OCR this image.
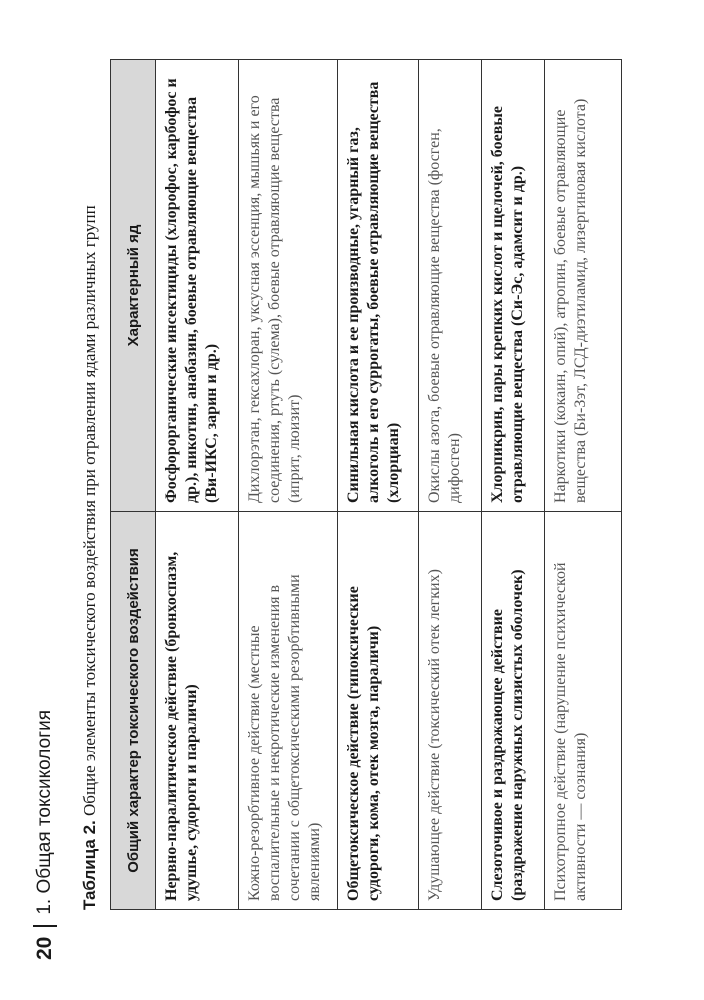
20
1. Общая токсикология Таблица 2. Общие элементы токсического воздействия при отравлении ядами различных групп Общий характер токсического воздействия	Характерный яд
Нервно-паралитическое действие (бронхоспазм, удушье, судороги и параличи)	Фосфорорганические инсектициды (хлорофос, карбофос и др.), никотин, анабазин, боевые отравляющие вещества (Ви-ИКС, зарин и др.)
Кожно-резорбтивное действие (местные воспалительные и некротические изменения в сочетании с общетоксическими резорбтивными явлениями)	Дихлорэтан, гексахлоран, уксусная эссенция, мышьяк и его соединения, ртуть (сулема), боевые отравляющие вещества (иприт, люизит)
Общетоксическое действие (гипоксические судороги, кома, отек мозга, параличи)	Синильная кислота и ее производные, угарный газ, алкоголь и его суррогаты, боевые отравляющие вещества (хлорциан)
Удушающее действие (токсический отек легких)	Окислы азота, боевые отравляющие вещества (фосген, дифосген)
Слезоточивое и раздражающее действие (раздражение наружных слизистых оболочек)	Хлорпикрин, пары крепких кислот и щелочей, боевые отравляющие вещества (Си-Эс, адамсит и др.)
Психотропное действие (нарушение психической активности — сознания)	Наркотики (кокаин, опий), атропин, боевые отравляющие вещества (Би-Зэт, ЛСД-диэтиламид, лизергиновая кислота)
